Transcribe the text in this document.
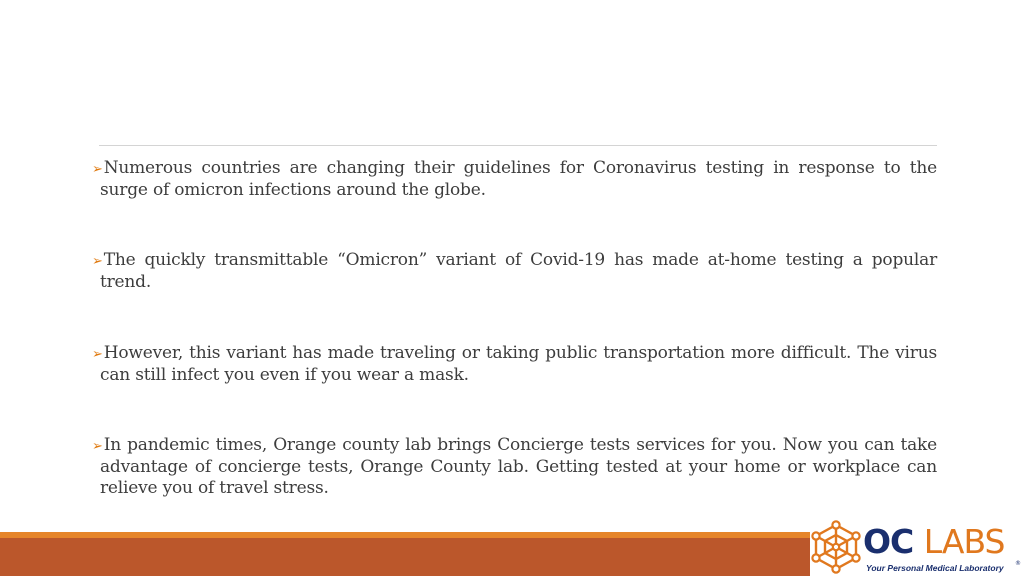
➢Numerous countries are changing their guidelines for Coronavirus testing in response to the surge of omicron infections around the globe.
➢The quickly transmittable “Omicron” variant of Covid-19 has made at-home testing a popular trend.
➢However, this variant has made traveling or taking public transportation more difficult. The virus can still infect you even if you wear a mask.
➢In pandemic times, Orange county lab brings Concierge tests services for you. Now you can take advantage of concierge tests, Orange County lab. Getting tested at your home or workplace can relieve you of travel stress.
OC LABS
®
Your Personal Medical Laboratory
